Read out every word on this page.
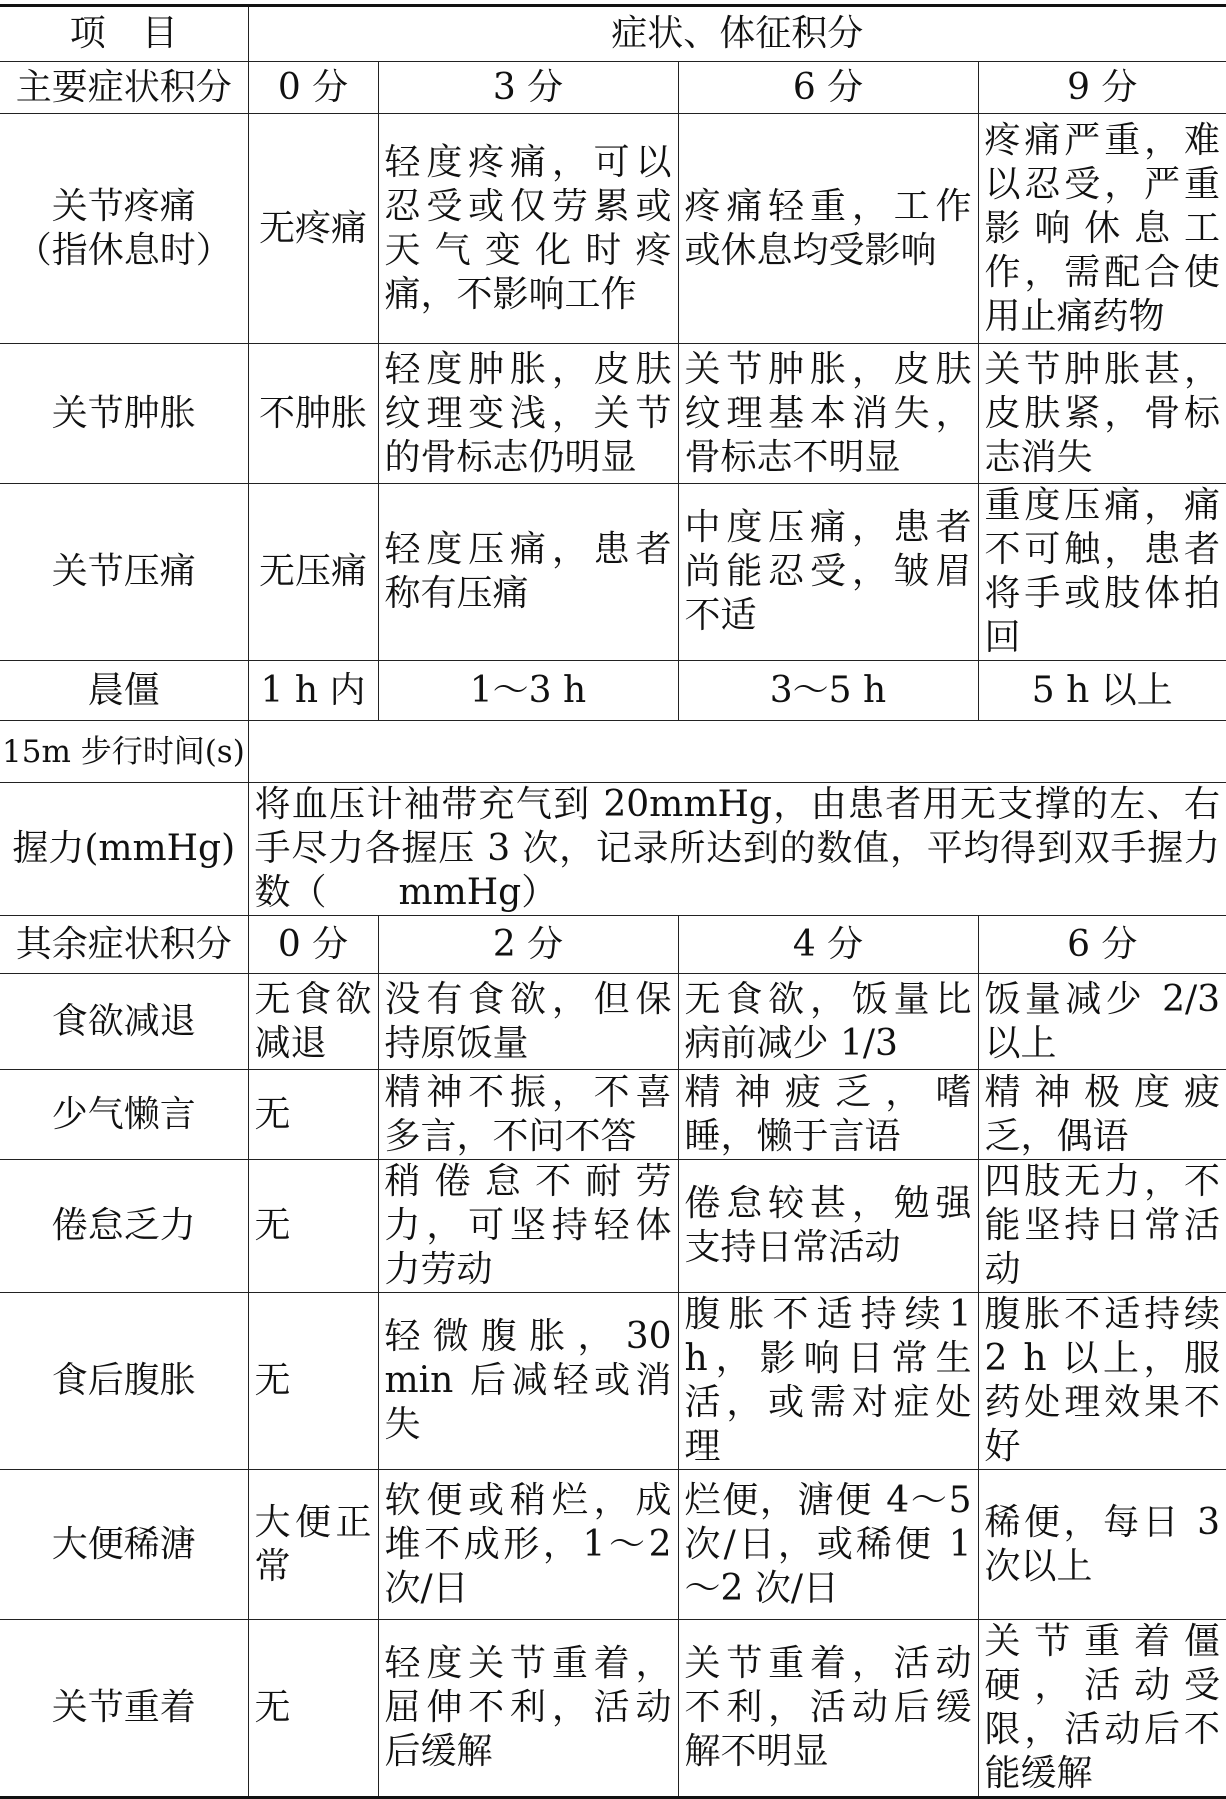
项　目	症状、体征积分			
主要症状积分	0 分	3 分	6 分	9 分
关节疼痛
（指休息时）	无疼痛	轻度疼痛，可以忍受或仅劳累或天气变化时疼痛，不影响工作	疼痛轻重，工作或休息均受影响	疼痛严重，难以忍受，严重影响休息工作，需配合使用止痛药物
关节肿胀	不肿胀	轻度肿胀，皮肤纹理变浅，关节的骨标志仍明显	关节肿胀，皮肤纹理基本消失，骨标志不明显	关节肿胀甚，皮肤紧，骨标志消失
关节压痛	无压痛	轻度压痛，患者称有压痛	中度压痛，患者尚能忍受，皱眉不适	重度压痛，痛不可触，患者将手或肢体拍回
晨僵	1 h 内	1～3 h	3～5 h	5 h 以上
15m 步行时间(s)				
握力(mmHg)	将血压计袖带充气到 20mmHg，由患者用无支撑的左、右手尽力各握压 3 次，记录所达到的数值，平均得到双手握力数（　　mmHg）			
其余症状积分	0 分	2 分	4 分	6 分
食欲减退	无食欲减退	没有食欲，但保持原饭量	无食欲，饭量比病前减少 1/3	饭量减少 2/3 以上
少气懒言	无	精神不振，不喜多言，不问不答	精神疲乏，嗜睡，懒于言语	精神极度疲乏，偶语
倦怠乏力	无	稍倦怠不耐劳力，可坚持轻体力劳动	倦怠较甚，勉强支持日常活动	四肢无力，不能坚持日常活动
食后腹胀	无	轻微腹胀，30 min 后减轻或消失	腹胀不适持续1 h，影响日常生活，或需对症处理	腹胀不适持续 2 h 以上，服药处理效果不好
大便稀溏	大便正常	软便或稍烂，成堆不成形，1～2 次/日	烂便，溏便 4～5 次/日，或稀便 1～2 次/日	稀便，每日 3 次以上
关节重着	无	轻度关节重着，屈伸不利，活动后缓解	关节重着，活动不利，活动后缓解不明显	关节重着僵硬，活动受限，活动后不能缓解
